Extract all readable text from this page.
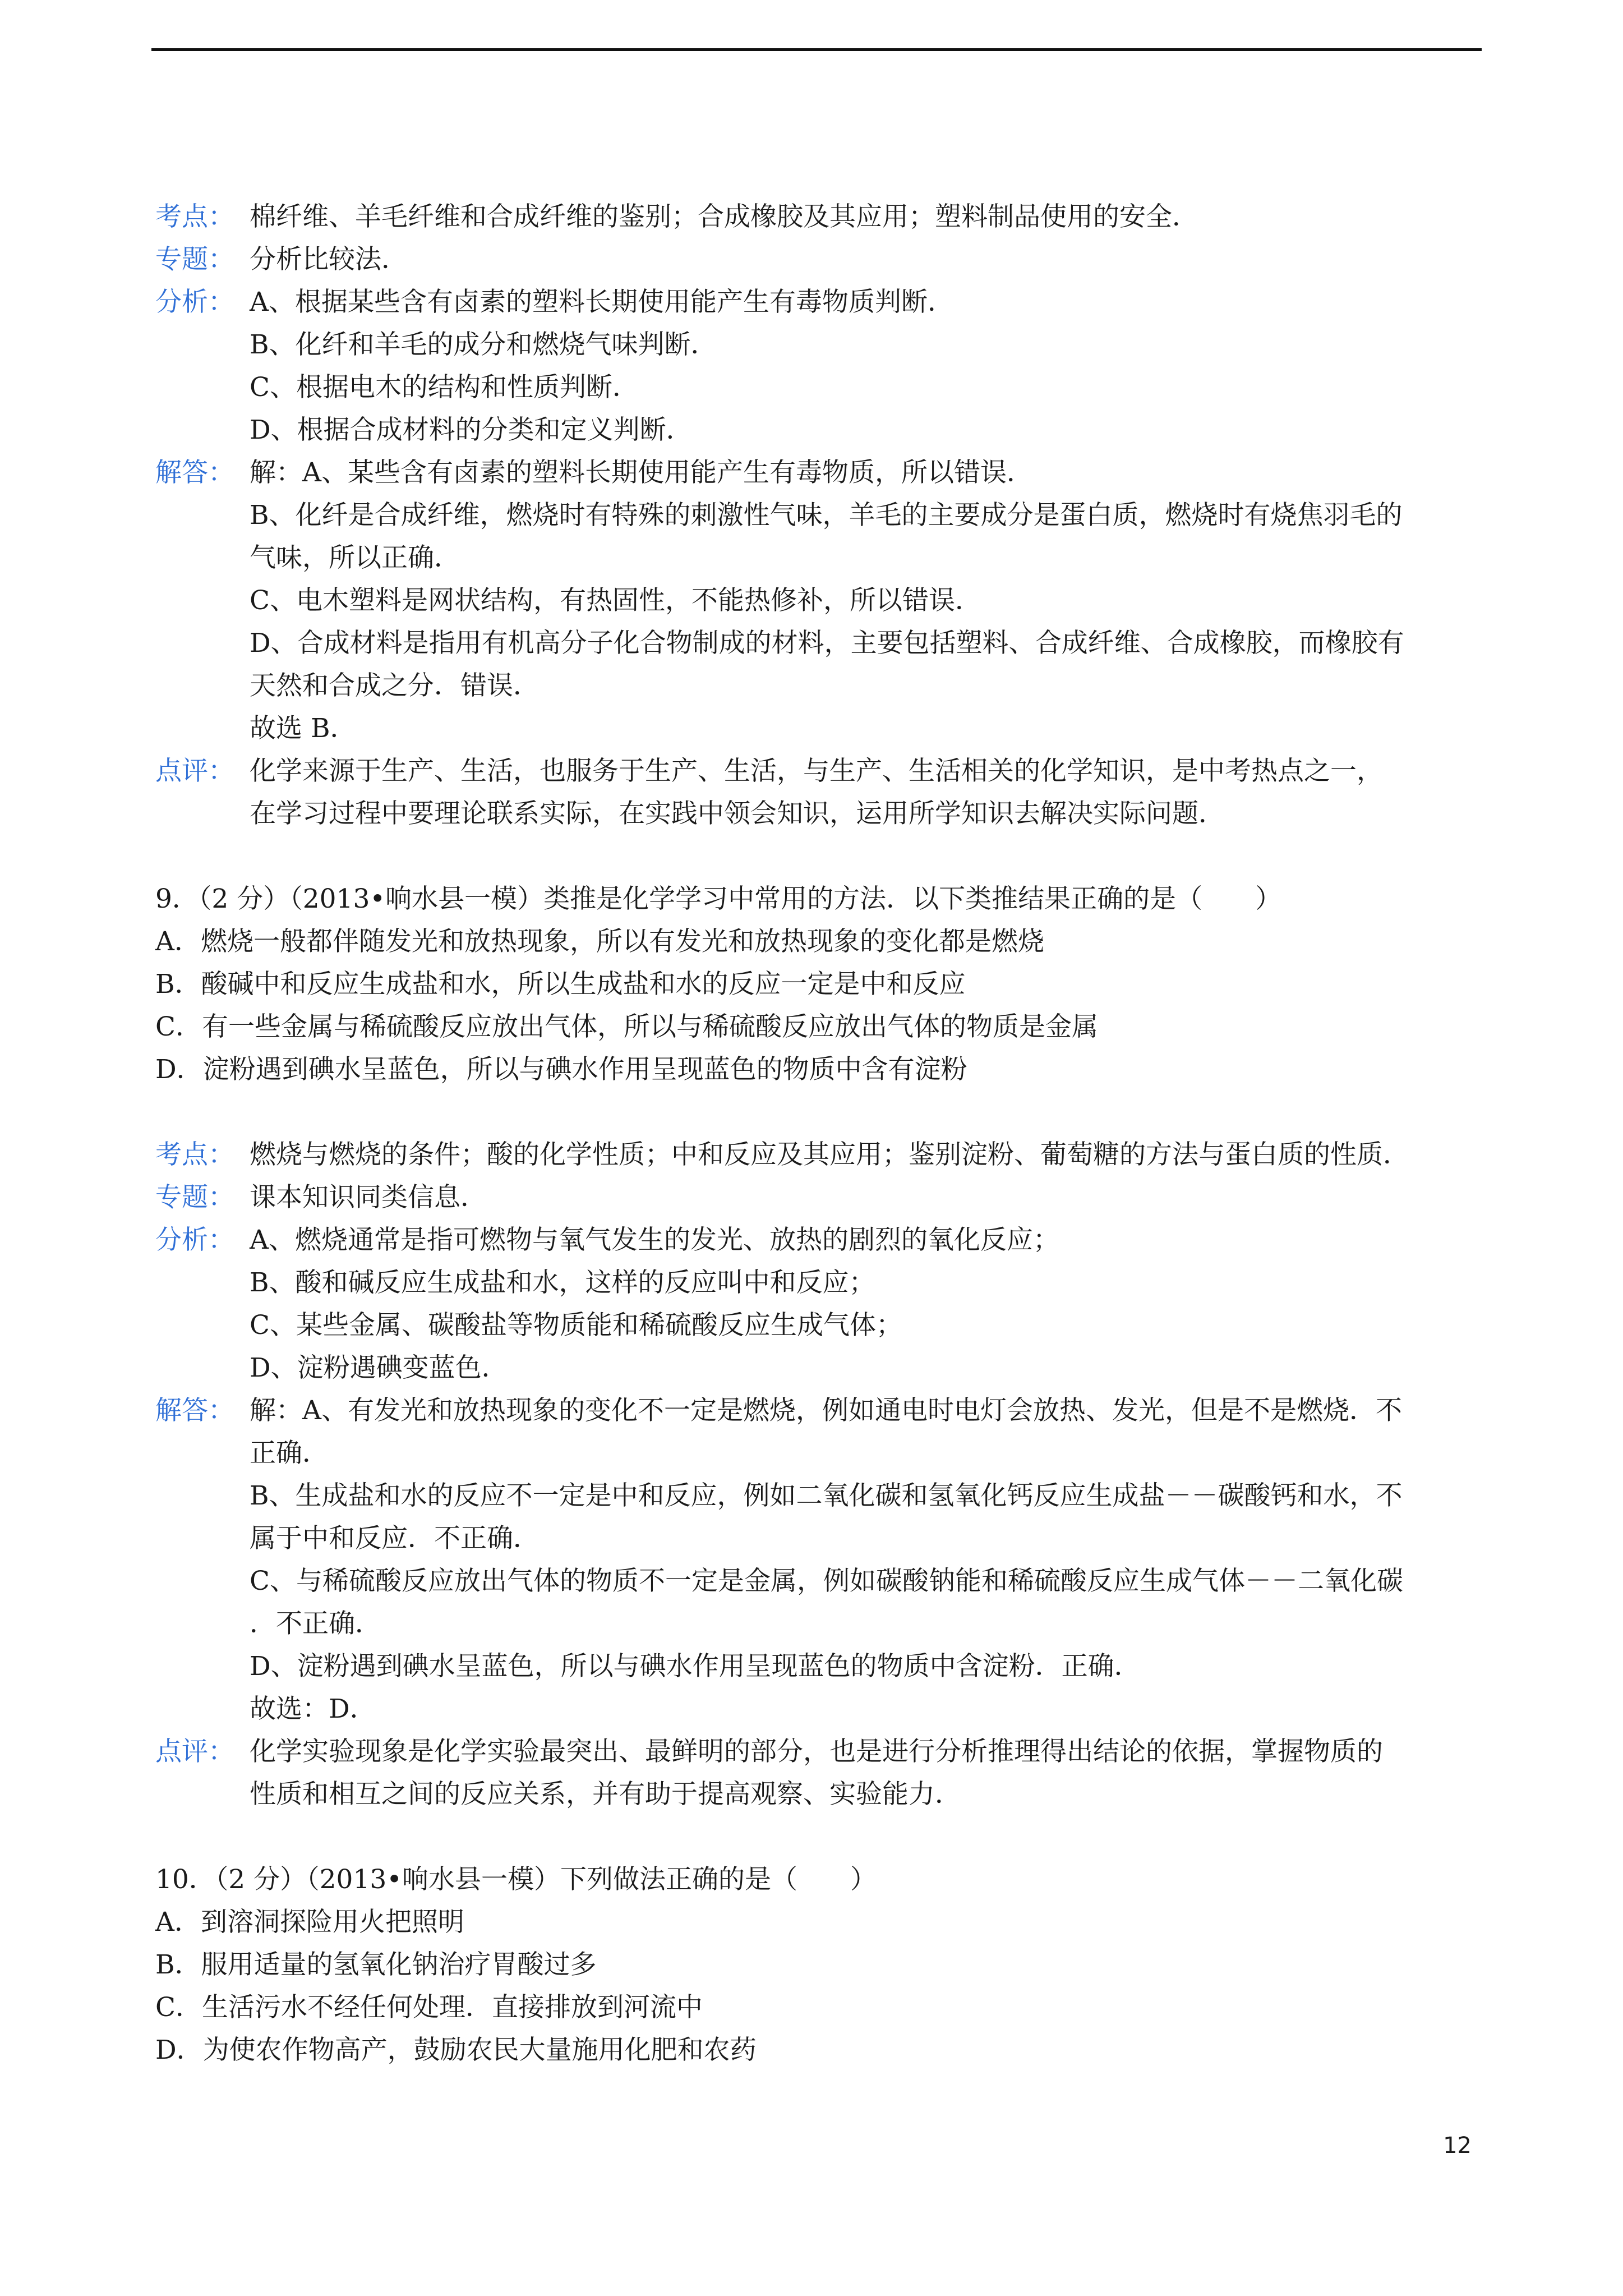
考点： 棉纤维、羊毛纤维和合成纤维的鉴别；合成橡胶及其应用；塑料制品使用的安全．
专题： 分析比较法．
分析： A、根据某些含有卤素的塑料长期使用能产生有毒物质判断．
B、化纤和羊毛的成分和燃烧气味判断．
C、根据电木的结构和性质判断．
D、根据合成材料的分类和定义判断．
解答： 解：A、某些含有卤素的塑料长期使用能产生有毒物质，所以错误．
B、化纤是合成纤维，燃烧时有特殊的刺激性气味，羊毛的主要成分是蛋白质，燃烧时有烧焦羽毛的
气味，所以正确．
C、电木塑料是网状结构，有热固性，不能热修补，所以错误．
D、合成材料是指用有机高分子化合物制成的材料，主要包括塑料、合成纤维、合成橡胶，而橡胶有
天然和合成之分．错误．
故选 B．
点评： 化学来源于生产、生活，也服务于生产、生活，与生产、生活相关的化学知识，是中考热点之一，
在学习过程中要理论联系实际，在实践中领会知识，运用所学知识去解决实际问题．
9．（2 分）（2013•响水县一模）类推是化学学习中常用的方法．以下类推结果正确的是（　　）
A．燃烧一般都伴随发光和放热现象，所以有发光和放热现象的变化都是燃烧
B．酸碱中和反应生成盐和水，所以生成盐和水的反应一定是中和反应
C．有一些金属与稀硫酸反应放出气体，所以与稀硫酸反应放出气体的物质是金属
D．淀粉遇到碘水呈蓝色，所以与碘水作用呈现蓝色的物质中含有淀粉
考点： 燃烧与燃烧的条件；酸的化学性质；中和反应及其应用；鉴别淀粉、葡萄糖的方法与蛋白质的性质．
专题： 课本知识同类信息．
分析： A、燃烧通常是指可燃物与氧气发生的发光、放热的剧烈的氧化反应；
B、酸和碱反应生成盐和水，这样的反应叫中和反应；
C、某些金属、碳酸盐等物质能和稀硫酸反应生成气体；
D、淀粉遇碘变蓝色．
解答： 解：A、有发光和放热现象的变化不一定是燃烧，例如通电时电灯会放热、发光，但是不是燃烧．不
正确．
B、生成盐和水的反应不一定是中和反应，例如二氧化碳和氢氧化钙反应生成盐－－碳酸钙和水，不
属于中和反应．不正确．
C、与稀硫酸反应放出气体的物质不一定是金属，例如碳酸钠能和稀硫酸反应生成气体－－二氧化碳
．不正确．
D、淀粉遇到碘水呈蓝色，所以与碘水作用呈现蓝色的物质中含淀粉．正确．
故选：D．
点评： 化学实验现象是化学实验最突出、最鲜明的部分，也是进行分析推理得出结论的依据，掌握物质的
性质和相互之间的反应关系，并有助于提高观察、实验能力．
10．（2 分）（2013•响水县一模）下列做法正确的是（　　）
A．到溶洞探险用火把照明
B．服用适量的氢氧化钠治疗胃酸过多
C．生活污水不经任何处理．直接排放到河流中
D．为使农作物高产，鼓励农民大量施用化肥和农药
12
